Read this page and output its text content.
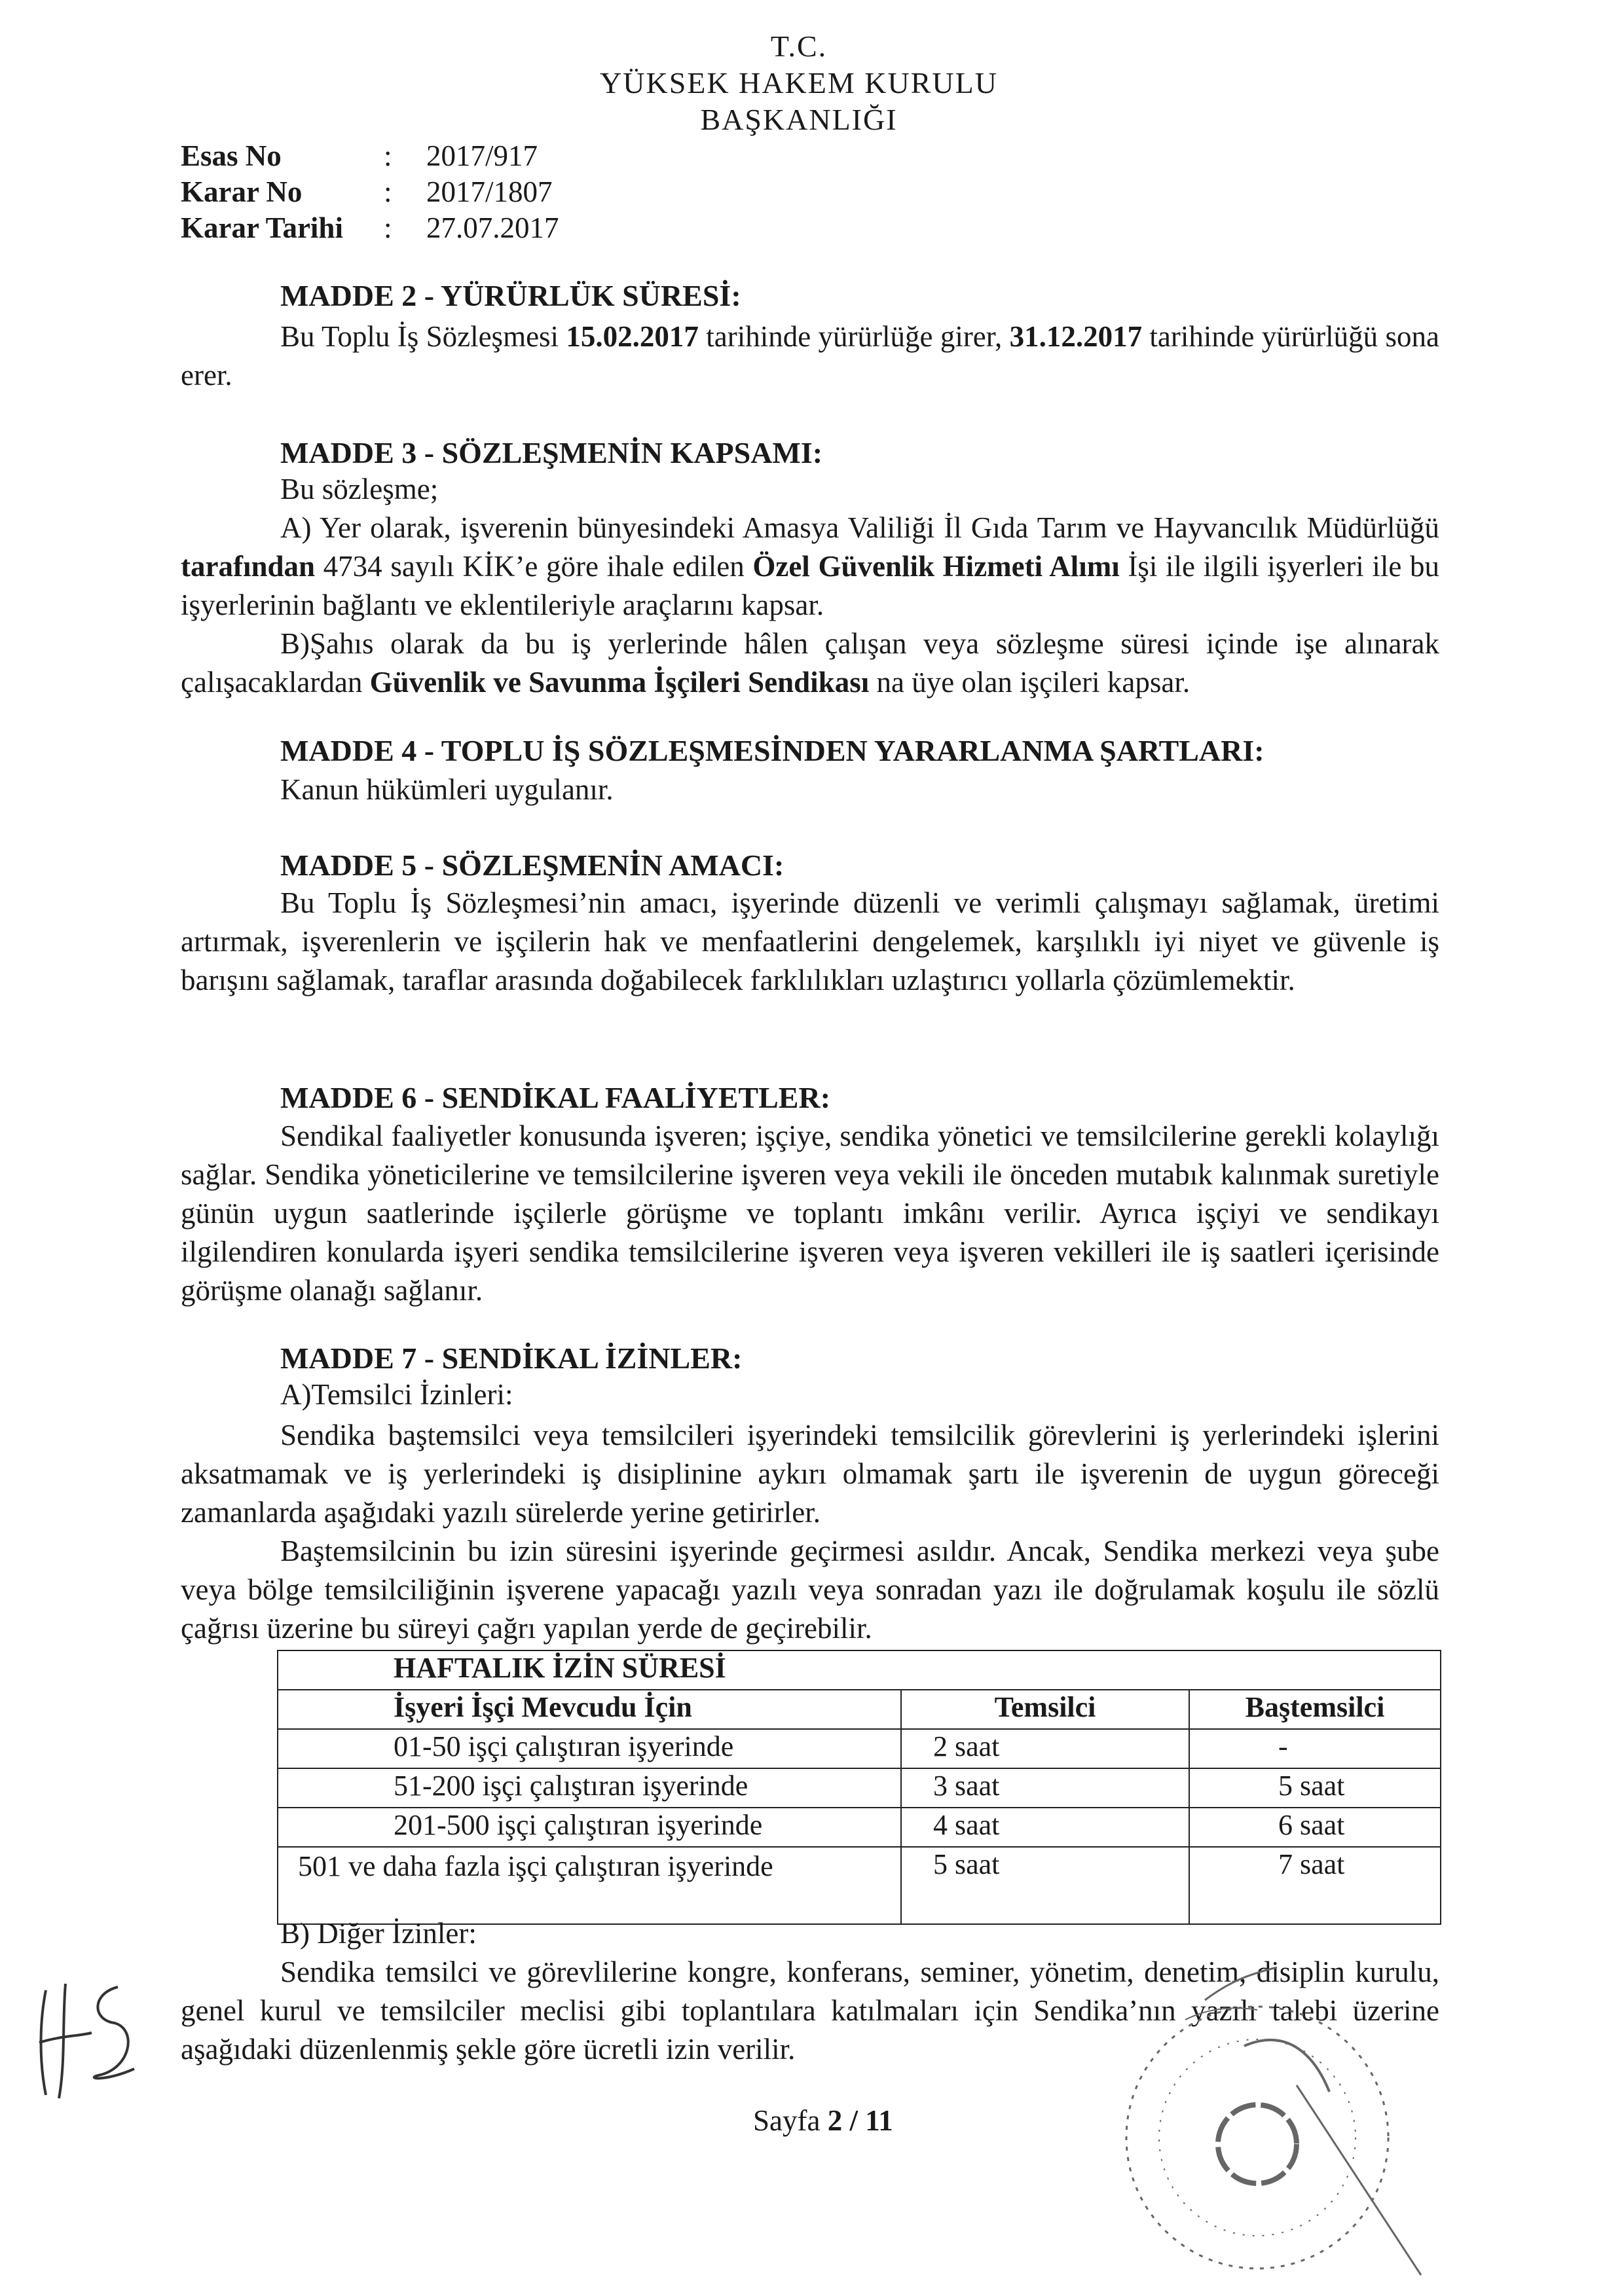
T.C.
YÜKSEK HAKEM KURULU
BAŞKANLIĞI
Esas No	: 2017/917
Karar No	: 2017/1807
Karar Tarihi : 27.07.2017
MADDE 2 - YÜRÜRLÜK SÜRESİ:
Bu Toplu İş Sözleşmesi 15.02.2017 tarihinde yürürlüğe girer, 31.12.2017 tarihinde yürürlüğü sona erer.
MADDE 3 - SÖZLEŞMENİN KAPSAMI:
Bu sözleşme;
A) Yer olarak, işverenin bünyesindeki Amasya Valiliği İl Gıda Tarım ve Hayvancılık Müdürlüğü tarafından 4734 sayılı KİK’e göre ihale edilen Özel Güvenlik Hizmeti Alımı İşi ile ilgili işyerleri ile bu işyerlerinin bağlantı ve eklentileriyle araçlarını kapsar.
B)Şahıs olarak da bu iş yerlerinde hâlen çalışan veya sözleşme süresi içinde işe alınarak çalışacaklardan Güvenlik ve Savunma İşçileri Sendikası na üye olan işçileri kapsar.
MADDE 4 - TOPLU İŞ SÖZLEŞMESİNDEN YARARLANMA ŞARTLARI:
Kanun hükümleri uygulanır.
MADDE 5 - SÖZLEŞMENİN AMACI:
Bu Toplu İş Sözleşmesi’nin amacı, işyerinde düzenli ve verimli çalışmayı sağlamak, üretimi artırmak, işverenlerin ve işçilerin hak ve menfaatlerini dengelemek, karşılıklı iyi niyet ve güvenle iş barışını sağlamak, taraflar arasında doğabilecek farklılıkları uzlaştırıcı yollarla çözümlemektir.
MADDE 6 - SENDİKAL FAALİYETLER:
Sendikal faaliyetler konusunda işveren; işçiye, sendika yönetici ve temsilcilerine gerekli kolaylığı sağlar. Sendika yöneticilerine ve temsilcilerine işveren veya vekili ile önceden mutabık kalınmak suretiyle günün uygun saatlerinde işçilerle görüşme ve toplantı imkânı verilir. Ayrıca işçiyi ve sendikayı ilgilendiren konularda işyeri sendika temsilcilerine işveren veya işveren vekilleri ile iş saatleri içerisinde görüşme olanağı sağlanır.
MADDE 7 - SENDİKAL İZİNLER:
A)Temsilci İzinleri:
Sendika baştemsilci veya temsilcileri işyerindeki temsilcilik görevlerini iş yerlerindeki işlerini aksatmamak ve iş yerlerindeki iş disiplinine aykırı olmamak şartı ile işverenin de uygun göreceği zamanlarda aşağıdaki yazılı sürelerde yerine getirirler.
Baştemsilcinin bu izin süresini işyerinde geçirmesi asıldır. Ancak, Sendika merkezi veya şube veya bölge temsilciliğinin işverene yapacağı yazılı veya sonradan yazı ile doğrulamak koşulu ile sözlü çağrısı üzerine bu süreyi çağrı yapılan yerde de geçirebilir.
HAFTALIK İZİN SÜRESİ		
İşyeri İşçi Mevcudu İçin	Temsilci	Baştemsilci
01-50 işçi çalıştıran işyerinde	2 saat	-
51-200 işçi çalıştıran işyerinde	3 saat	5 saat
201-500 işçi çalıştıran işyerinde	4 saat	6 saat

501 ve daha fazla işçi çalıştıran işyerinde	5 saat	7 saat
B) Diğer İzinler:
Sendika temsilci ve görevlilerine kongre, konferans, seminer, yönetim, denetim, disiplin kurulu, genel kurul ve temsilciler meclisi gibi toplantılara katılmaları için Sendika’nın yazılı talebi üzerine aşağıdaki düzenlenmiş şekle göre ücretli izin verilir.
Sayfa 2 / 11
